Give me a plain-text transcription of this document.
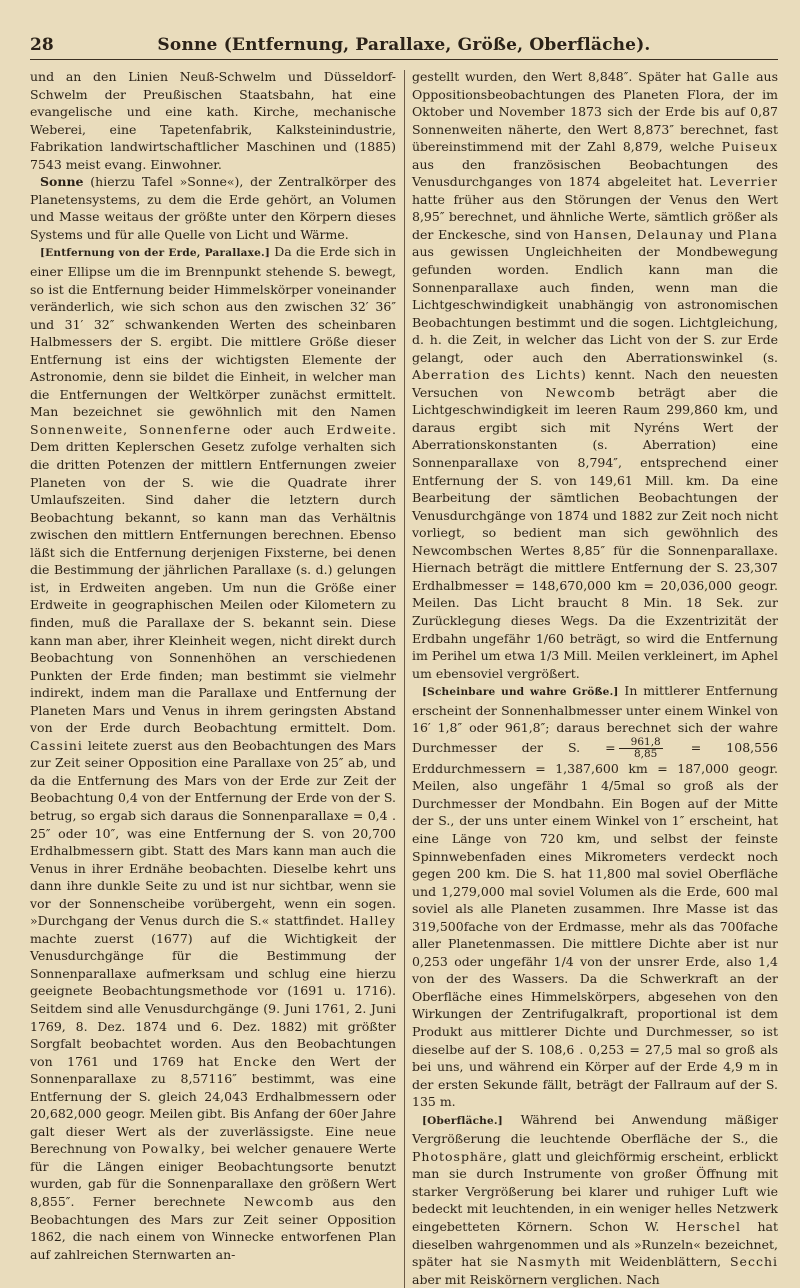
28	Sonne (Entfernung, Parallaxe, Größe, Oberfläche).

und an den Linien Neuß-Schwelm und Düsseldorf-Schwelm der Preußischen Staatsbahn, hat eine evangelische und eine kath. Kirche, mechanische Weberei, eine Tapetenfabrik, Kalksteinindustrie, Fabrikation landwirtschaftlicher Maschinen und (1885) 7543 meist evang. Einwohner.

Sonne (hierzu Tafel »Sonne«), der Zentralkörper des Planetensystems, zu dem die Erde gehört, an Volumen und Masse weitaus der größte unter den Körpern dieses Systems und für alle Quelle von Licht und Wärme.

[Entfernung von der Erde, Parallaxe.] Da die Erde sich in einer Ellipse um die im Brennpunkt stehende S. bewegt, so ist die Entfernung beider Himmelskörper voneinander veränderlich, wie sich schon aus den zwischen 32′ 36″ und 31′ 32″ schwankenden Werten des scheinbaren Halbmessers der S. ergibt. Die mittlere Größe dieser Entfernung ist eins der wichtigsten Elemente der Astronomie, denn sie bildet die Einheit, in welcher man die Entfernungen der Weltkörper zunächst ermittelt. Man bezeichnet sie gewöhnlich mit den Namen Sonnenweite, Sonnenferne oder auch Erdweite. Dem dritten Keplerschen Gesetz zufolge verhalten sich die dritten Potenzen der mittlern Entfernungen zweier Planeten von der S. wie die Quadrate ihrer Umlaufszeiten. Sind daher die letztern durch Beobachtung bekannt, so kann man das Verhältnis zwischen den mittlern Entfernungen berechnen. Ebenso läßt sich die Entfernung derjenigen Fixsterne, bei denen die Bestimmung der jährlichen Parallaxe (s. d.) gelungen ist, in Erdweiten angeben. Um nun die Größe einer Erdweite in geographischen Meilen oder Kilometern zu finden, muß die Parallaxe der S. bekannt sein. Diese kann man aber, ihrer Kleinheit wegen, nicht direkt durch Beobachtung von Sonnenhöhen an verschiedenen Punkten der Erde finden; man bestimmt sie vielmehr indirekt, indem man die Parallaxe und Entfernung der Planeten Mars und Venus in ihrem geringsten Abstand von der Erde durch Beobachtung ermittelt. Dom. Cassini leitete zuerst aus den Beobachtungen des Mars zur Zeit seiner Opposition eine Parallaxe von 25″ ab, und da die Entfernung des Mars von der Erde zur Zeit der Beobachtung 0,4 von der Entfernung der Erde von der S. betrug, so ergab sich daraus die Sonnenparallaxe = 0,4 . 25″ oder 10″, was eine Entfernung der S. von 20,700 Erdhalbmessern gibt. Statt des Mars kann man auch die Venus in ihrer Erdnähe beobachten. Dieselbe kehrt uns dann ihre dunkle Seite zu und ist nur sichtbar, wenn sie vor der Sonnenscheibe vorübergeht, wenn ein sogen. »Durchgang der Venus durch die S.« stattfindet. Halley machte zuerst (1677) auf die Wichtigkeit der Venusdurchgänge für die Bestimmung der Sonnenparallaxe aufmerksam und schlug eine hierzu geeignete Beobachtungsmethode vor (1691 u. 1716). Seitdem sind alle Venusdurchgänge (9. Juni 1761, 2. Juni 1769, 8. Dez. 1874 und 6. Dez. 1882) mit größter Sorgfalt beobachtet worden. Aus den Beobachtungen von 1761 und 1769 hat Encke den Wert der Sonnenparallaxe zu 8,57116″ bestimmt, was eine Entfernung der S. gleich 24,043 Erdhalbmessern oder 20,682,000 geogr. Meilen gibt. Bis Anfang der 60er Jahre galt dieser Wert als der zuverlässigste. Eine neue Berechnung von Powalky, bei welcher genauere Werte für die Längen einiger Beobachtungsorte benutzt wurden, gab für die Sonnenparallaxe den größern Wert 8,855″. Ferner berechnete Newcomb aus den Beobachtungen des Mars zur Zeit seiner Opposition 1862, die nach einem von Winnecke entworfenen Plan auf zahlreichen Sternwarten an-

gestellt wurden, den Wert 8,848″. Später hat Galle aus Oppositionsbeobachtungen des Planeten Flora, der im Oktober und November 1873 sich der Erde bis auf 0,87 Sonnenweiten näherte, den Wert 8,873″ berechnet, fast übereinstimmend mit der Zahl 8,879, welche Puiseux aus den französischen Beobachtungen des Venusdurchganges von 1874 abgeleitet hat. Leverrier hatte früher aus den Störungen der Venus den Wert 8,95″ berechnet, und ähnliche Werte, sämtlich größer als der Enckesche, sind von Hansen, Delaunay und Plana aus gewissen Ungleichheiten der Mondbewegung gefunden worden. Endlich kann man die Sonnenparallaxe auch finden, wenn man die Lichtgeschwindigkeit unabhängig von astronomischen Beobachtungen bestimmt und die sogen. Lichtgleichung, d. h. die Zeit, in welcher das Licht von der S. zur Erde gelangt, oder auch den Aberrationswinkel (s. Aberration des Lichts) kennt. Nach den neuesten Versuchen von Newcomb beträgt aber die Lichtgeschwindigkeit im leeren Raum 299,860 km, und daraus ergibt sich mit Nyréns Wert der Aberrationskonstanten (s. Aberration) eine Sonnenparallaxe von 8,794″, entsprechend einer Entfernung der S. von 149,61 Mill. km. Da eine Bearbeitung der sämtlichen Beobachtungen der Venusdurchgänge von 1874 und 1882 zur Zeit noch nicht vorliegt, so bedient man sich gewöhnlich des Newcombschen Wertes 8,85″ für die Sonnenparallaxe. Hiernach beträgt die mittlere Entfernung der S. 23,307 Erdhalbmesser = 148,670,000 km = 20,036,000 geogr. Meilen. Das Licht braucht 8 Min. 18 Sek. zur Zurücklegung dieses Wegs. Da die Exzentrizität der Erdbahn ungefähr 1/60 beträgt, so wird die Entfernung im Perihel um etwa 1/3 Mill. Meilen verkleinert, im Aphel um ebensoviel vergrößert.

[Scheinbare und wahre Größe.] In mittlerer Entfernung erscheint der Sonnenhalbmesser unter einem Winkel von 16′ 1,8″ oder 961,8″; daraus berechnet sich der wahre Durchmesser der S. = $\frac{961,8}{8,85} = 108,556$ Erddurchmessern = 1,387,600 km = 187,000 geogr. Meilen, also ungefähr 1 4/5mal so groß als der Durchmesser der Mondbahn. Ein Bogen auf der Mitte der S., der uns unter einem Winkel von 1″ erscheint, hat eine Länge von 720 km, und selbst der feinste Spinnwebenfaden eines Mikrometers verdeckt noch gegen 200 km. Die S. hat 11,800 mal soviel Oberfläche und 1,279,000 mal soviel Volumen als die Erde, 600 mal soviel als alle Planeten zusammen. Ihre Masse ist das 319,500fache von der Erdmasse, mehr als das 700fache aller Planetenmassen. Die mittlere Dichte aber ist nur 0,253 oder ungefähr 1/4 von der unsrer Erde, also 1,4 von der des Wassers. Da die Schwerkraft an der Oberfläche eines Himmelskörpers, abgesehen von den Wirkungen der Zentrifugalkraft, proportional ist dem Produkt aus mittlerer Dichte und Durchmesser, so ist dieselbe auf der S. 108,6 . 0,253 = 27,5 mal so groß als bei uns, und während ein Körper auf der Erde 4,9 m in der ersten Sekunde fällt, beträgt der Fallraum auf der S. 135 m.

[Oberfläche.] Während bei Anwendung mäßiger Vergrößerung die leuchtende Oberfläche der S., die Photosphäre, glatt und gleichförmig erscheint, erblickt man sie durch Instrumente von großer Öffnung mit starker Vergrößerung bei klarer und ruhiger Luft wie bedeckt mit leuchtenden, in ein weniger helles Netzwerk eingebetteten Körnern. Schon W. Herschel hat dieselben wahrgenommen und als »Runzeln« bezeichnet, später hat sie Nasmyth mit Weidenblättern, Secchi aber mit Reiskörnern verglichen. Nach
